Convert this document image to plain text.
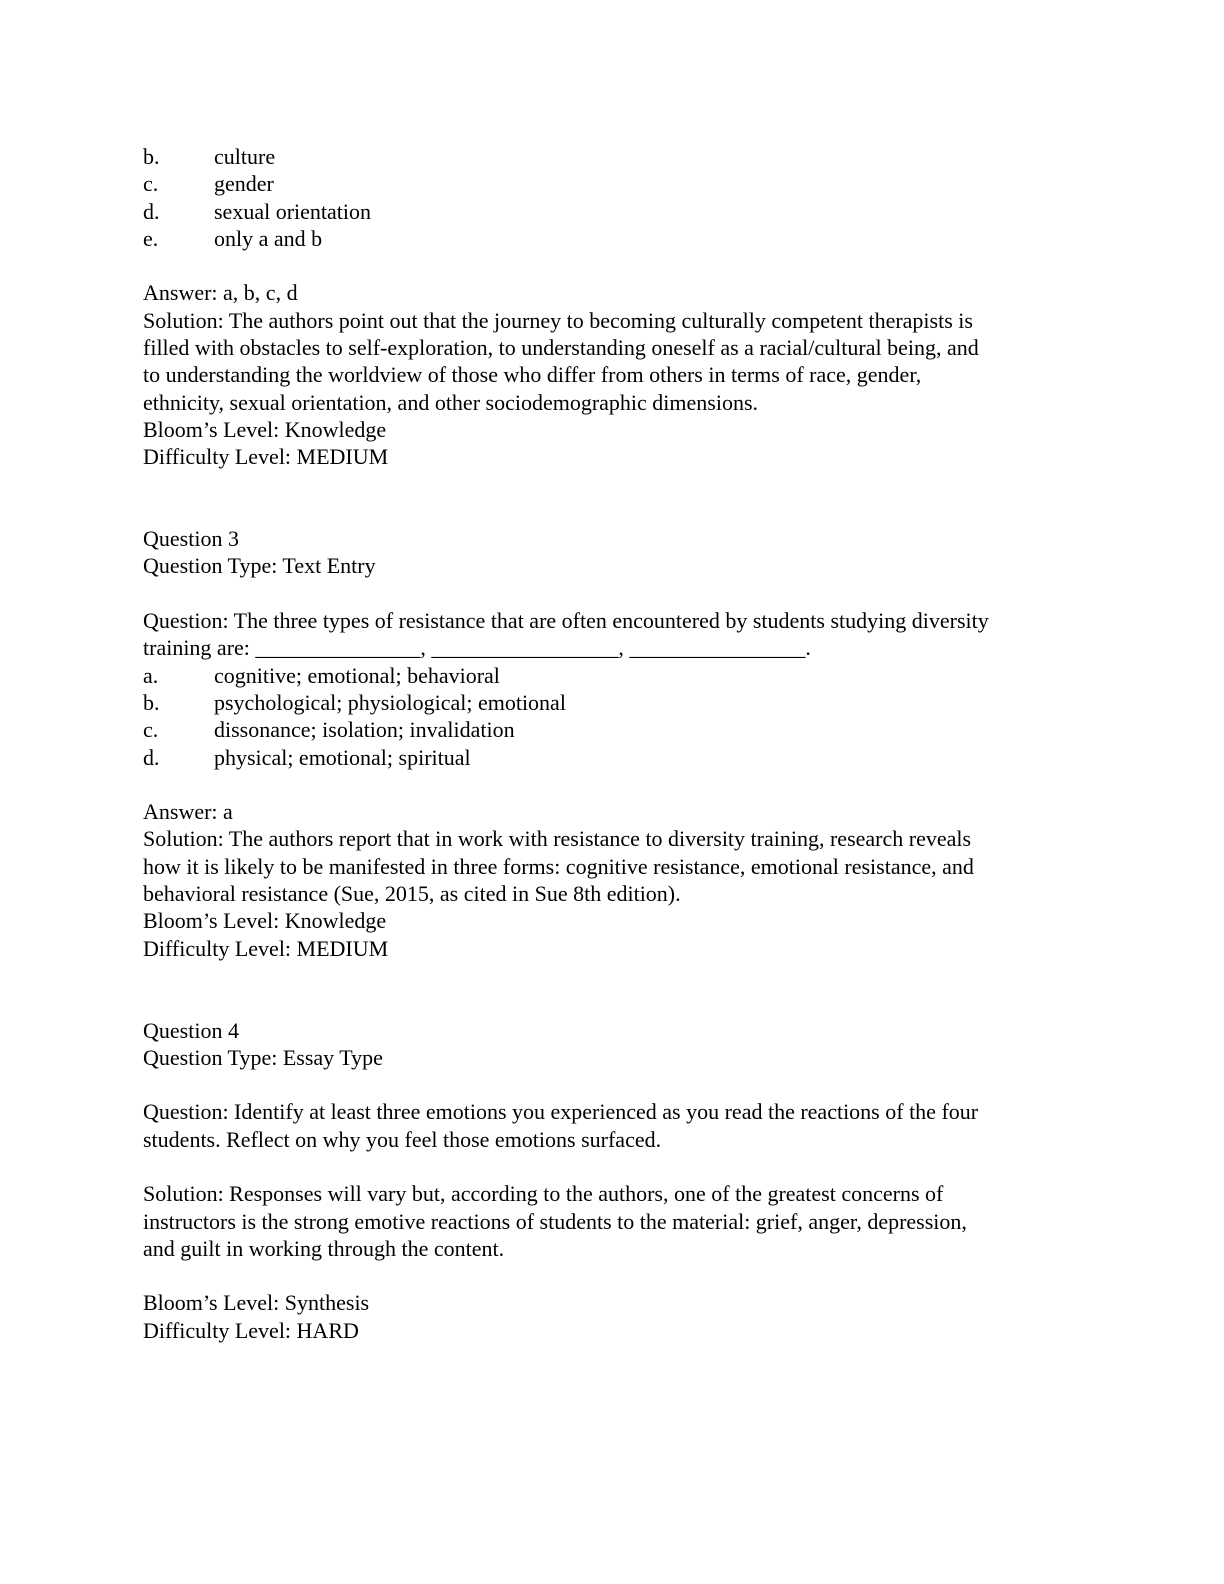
b.	culture
c.	gender
d.	sexual orientation
e.	only a and b
Answer: a, b, c, d
Solution: The authors point out that the journey to becoming culturally competent therapists is
filled with obstacles to self-exploration, to understanding oneself as a racial/cultural being, and
to understanding the worldview of those who differ from others in terms of race, gender,
ethnicity, sexual orientation, and other sociodemographic dimensions.
Bloom’s Level: Knowledge
Difficulty Level: MEDIUM
Question 3
Question Type: Text Entry
Question: The three types of resistance that are often encountered by students studying diversity
training are: _______________, _________________, ________________.
a.	cognitive; emotional; behavioral
b.	psychological; physiological; emotional
c.	dissonance; isolation; invalidation
d.	physical; emotional; spiritual
Answer: a
Solution: The authors report that in work with resistance to diversity training, research reveals
how it is likely to be manifested in three forms: cognitive resistance, emotional resistance, and
behavioral resistance (Sue, 2015, as cited in Sue 8th edition).
Bloom’s Level: Knowledge
Difficulty Level: MEDIUM
Question 4
Question Type: Essay Type
Question: Identify at least three emotions you experienced as you read the reactions of the four
students. Reflect on why you feel those emotions surfaced.
Solution: Responses will vary but, according to the authors, one of the greatest concerns of
instructors is the strong emotive reactions of students to the material: grief, anger, depression,
and guilt in working through the content.
Bloom’s Level: Synthesis
Difficulty Level: HARD
